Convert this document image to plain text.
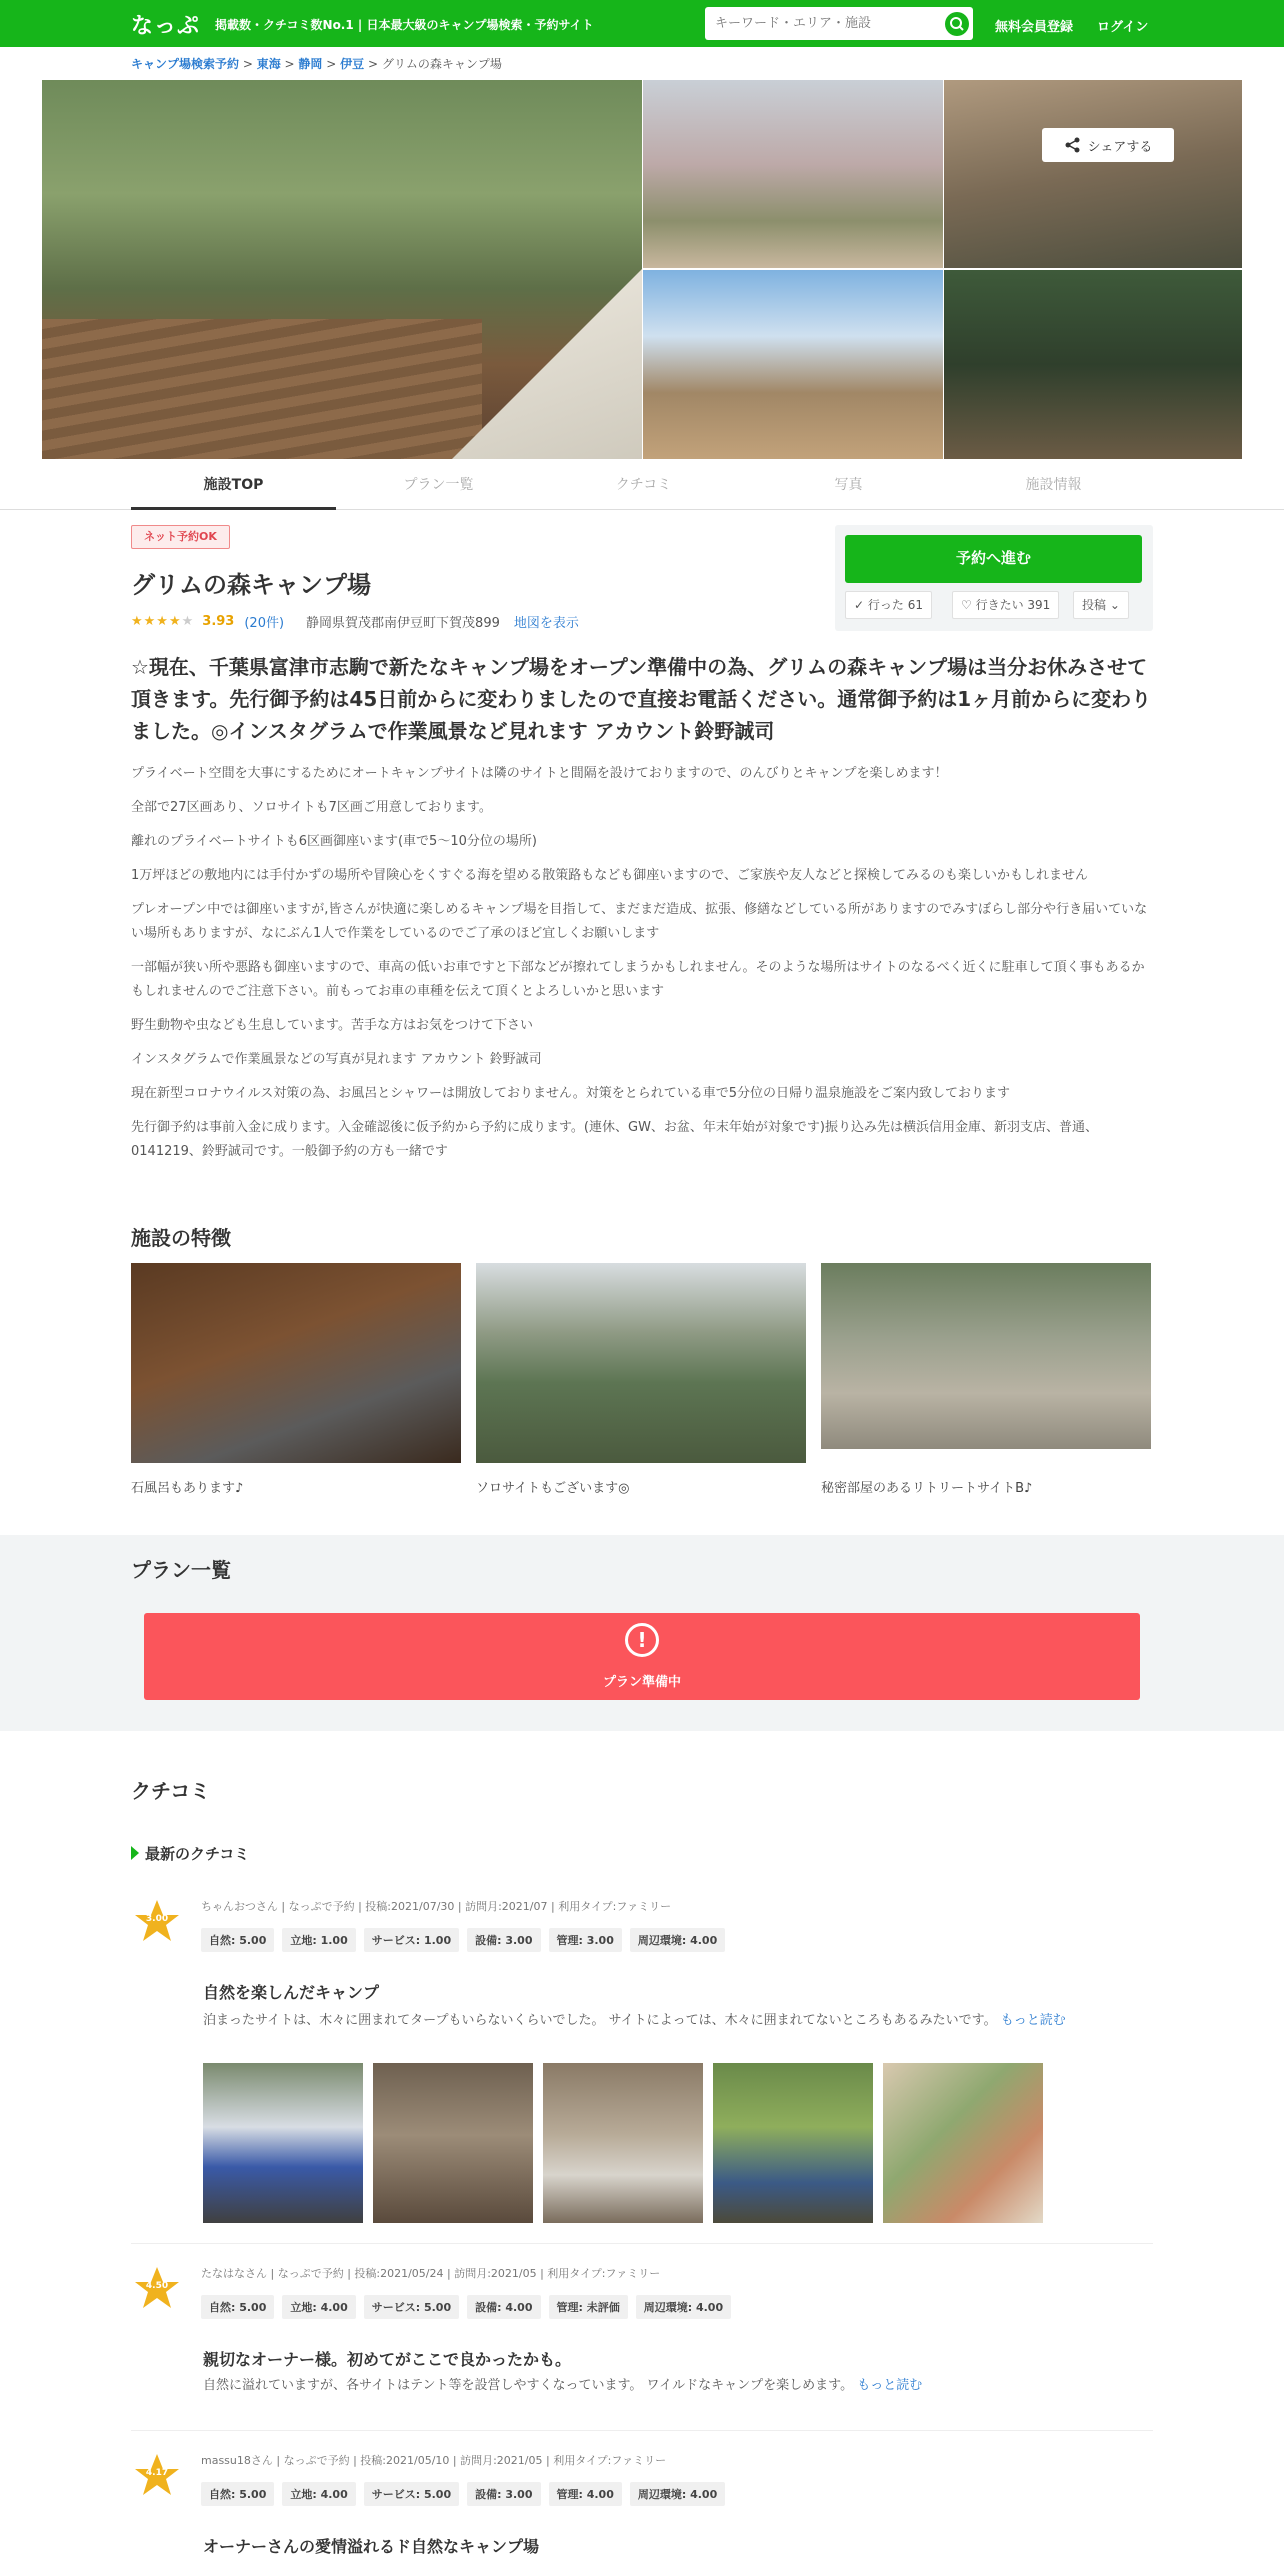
なっぷ 掲載数・クチコミ数No.1 | 日本最大級のキャンプ場検索・予約サイト
キーワード・エリア・施設	無料会員登録 ログイン
キャンプ場検索予約 > 東海 > 静岡 > 伊豆 > グリムの森キャンプ場
シェアする
施設TOP	プラン一覧	クチコミ	写真	施設情報
ネット予約OK
グリムの森キャンプ場
★★★★★ 3.93 (20件) 静岡県賀茂郡南伊豆町下賀茂899 地図を表示
予約へ進む
✓ 行った 61	♡ 行きたい 391	投稿 ⌄
☆現在、千葉県富津市志駒で新たなキャンプ場をオープン準備中の為、グリムの森キャンプ場は当分お休みさせて頂きます。先行御予約は45日前からに変わりましたので直接お電話ください。通常御予約は1ヶ月前からに変わりました。◎インスタグラムで作業風景など見れます アカウント鈴野誠司

プライベート空間を大事にするためにオートキャンプサイトは隣のサイトと間隔を設けておりますので、のんびりとキャンプを楽しめます！

全部で27区画あり、ソロサイトも7区画ご用意しております。

離れのプライベートサイトも6区画御座います(車で5～10分位の場所)

1万坪ほどの敷地内には手付かずの場所や冒険心をくすぐる海を望める散策路もなども御座いますので、ご家族や友人などと探検してみるのも楽しいかもしれません

プレオープン中では御座いますが,皆さんが快適に楽しめるキャンプ場を目指して、まだまだ造成、拡張、修繕などしている所がありますのでみすぼらし部分や行き届いていない場所もありますが、なにぶん1人で作業をしているのでご了承のほど宜しくお願いします

一部幅が狭い所や悪路も御座いますので、車高の低いお車ですと下部などが擦れてしまうかもしれません。そのような場所はサイトのなるべく近くに駐車して頂く事もあるかもしれませんのでご注意下さい。前もってお車の車種を伝えて頂くとよろしいかと思います

野生動物や虫なども生息しています。苦手な方はお気をつけて下さい

インスタグラムで作業風景などの写真が見れます アカウント 鈴野誠司

現在新型コロナウイルス対策の為、お風呂とシャワーは開放しておりません。対策をとられている車で5分位の日帰り温泉施設をご案内致しております

先行御予約は事前入金に成ります。入金確認後に仮予約から予約に成ります。(連休、GW、お盆、年末年始が対象です)振り込み先は横浜信用金庫、新羽支店、普通、0141219、鈴野誠司です。一般御予約の方も一緒です

施設の特徴
石風呂もあります♪	ソロサイトもございます◎	秘密部屋のあるリトリートサイトB♪
プラン一覧
!
プラン準備中
クチコミ
最新のクチコミ
3.00
ちゃんおつさん | なっぷで予約 | 投稿:2021/07/30 | 訪問月:2021/07 | 利用タイプ:ファミリー
自然: 5.00	立地: 1.00	サービス: 1.00	設備: 3.00	管理: 3.00	周辺環境: 4.00
自然を楽しんだキャンプ
泊まったサイトは、木々に囲まれてタープもいらないくらいでした。 サイトによっては、木々に囲まれてないところもあるみたいです。 もっと読む
4.50
たなはなさん | なっぷで予約 | 投稿:2021/05/24 | 訪問月:2021/05 | 利用タイプ:ファミリー
自然: 5.00	立地: 4.00	サービス: 5.00	設備: 4.00	管理: 未評価	周辺環境: 4.00
親切なオーナー様。初めてがここで良かったかも。
自然に溢れていますが、各サイトはテント等を設営しやすくなっています。 ワイルドなキャンプを楽しめます。 もっと読む
4.17
massu18さん | なっぷで予約 | 投稿:2021/05/10 | 訪問月:2021/05 | 利用タイプ:ファミリー
自然: 5.00	立地: 4.00	サービス: 5.00	設備: 3.00	管理: 4.00	周辺環境: 4.00
オーナーさんの愛情溢れるド自然なキャンプ場
